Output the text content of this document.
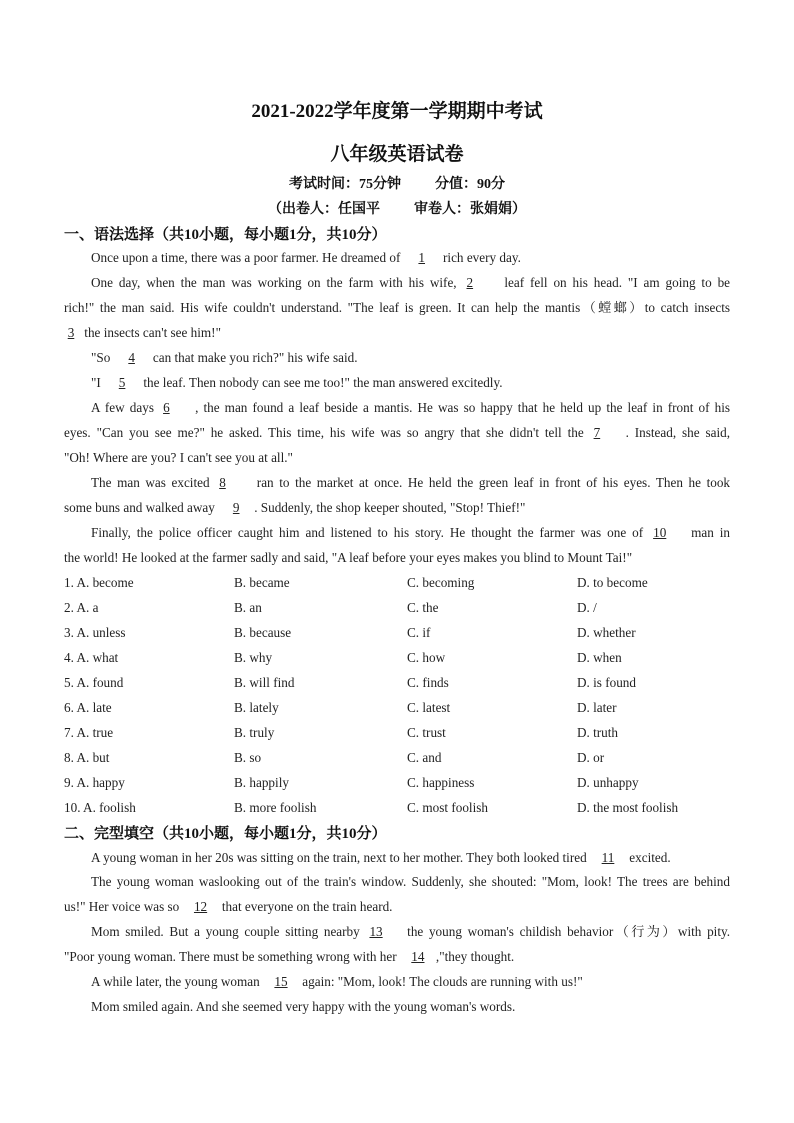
2021-2022学年度第一学期期中考试
八年级英语试卷
考试时间：75分钟 分值：90分
（出卷人：任国平 审卷人：张娟娟）
一、语法选择（共10小题，每小题1分，共10分）
Once upon a time, there was a poor farmer. He dreamed of 1 rich every day.
One day, when the man was working on the farm with his wife, 2 leaf fell on his head. "I am going to be
rich!" the man said. His wife couldn't understand. "The leaf is green. It can help the mantis（螳螂）to catch insects
3 the insects can't see him!"
"So 4 can that make you rich?" his wife said.
"I 5 the leaf. Then nobody can see me too!" the man answered excitedly.
A few days 6 , the man found a leaf beside a mantis. He was so happy that he held up the leaf in front of his
eyes. "Can you see me?" he asked. This time, his wife was so angry that she didn't tell the 7 . Instead, she said,
"Oh! Where are you? I can't see you at all."
The man was excited 8 ran to the market at once. He held the green leaf in front of his eyes. Then he took
some buns and walked away 9 . Suddenly, the shop keeper shouted, "Stop! Thief!"
Finally, the police officer caught him and listened to his story. He thought the farmer was one of 10 man in
the world! He looked at the farmer sadly and said, "A leaf before your eyes makes you blind to Mount Tai!"
1. A. become	B. became	C. becoming	D. to become
2. A. a	B. an	C. the	D. /
3. A. unless	B. because	C. if	D. whether
4. A. what	B. why	C. how	D. when
5. A. found	B. will find	C. finds	D. is found
6. A. late	B. lately	C. latest	D. later
7. A. true	B. truly	C. trust	D. truth
8. A. but	B. so	C. and	D. or
9. A. happy	B. happily	C. happiness	D. unhappy
10. A. foolish	B. more foolish	C. most foolish	D. the most foolish
二、完型填空（共10小题，每小题1分，共10分）
A young woman in her 20s was sitting on the train, next to her mother. They both looked tired 11 excited.
The young woman waslooking out of the train's window. Suddenly, she shouted: "Mom, look! The trees are behind
us!" Her voice was so 12 that everyone on the train heard.
Mom smiled. But a young couple sitting nearby 13 the young woman's childish behavior（行为）with pity.
"Poor young woman. There must be something wrong with her 14 ,"they thought.
A while later, the young woman 15 again: "Mom, look! The clouds are running with us!"
Mom smiled again. And she seemed very happy with the young woman's words.
